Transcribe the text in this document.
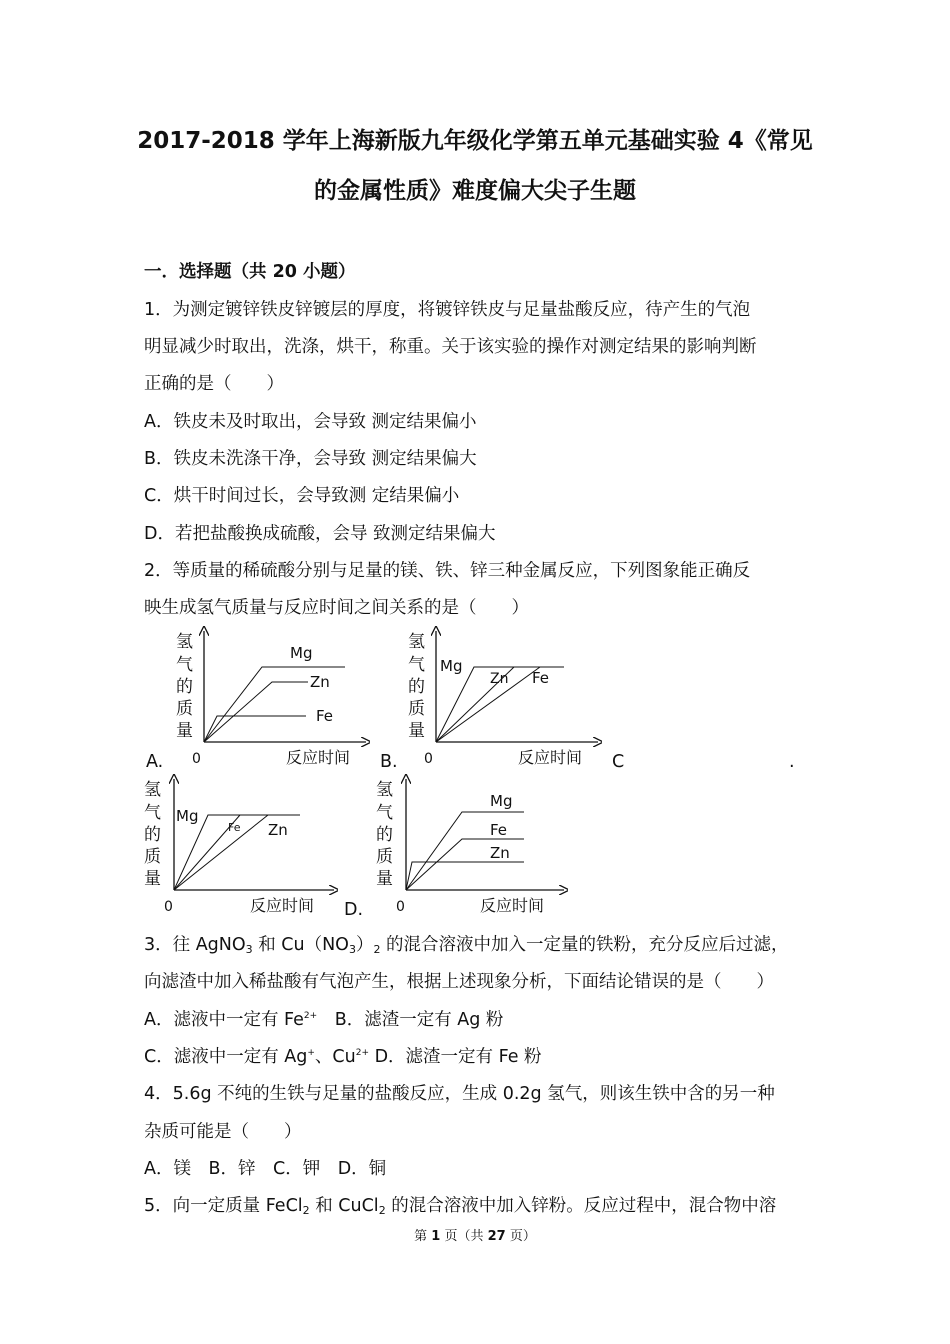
2017-2018 学年上海新版九年级化学第五单元基础实验 4《常见
的金属性质》难度偏大尖子生题
一．选择题（共 20 小题）
1．为测定镀锌铁皮锌镀层的厚度，将镀锌铁皮与足量盐酸反应，待产生的气泡
明显减少时取出，洗涤，烘干，称重。关于该实验的操作对测定结果的影响判断
正确的是（　　）
A．铁皮未及时取出，会导致 测定结果偏小
B．铁皮未洗涤干净，会导致 测定结果偏大
C．烘干时间过长，会导致测 定结果偏小
D．若把盐酸换成硫酸，会导 致测定结果偏大
2．等质量的稀硫酸分别与足量的镁、铁、锌三种金属反应，下列图象能正确反
映生成氢气质量与反应时间之间关系的是（　　）
氢
气
的
质
量
0	反应时间
Mg
Zn
Fe
A.
氢
气
的
质
量
0	反应时间
Mg
Zn Fe
B.	C	.
氢
气
的
质
量
0	反应时间
Mg
Fe Zn
氢
气
的
质
量
0	反应时间
Mg
Fe
Zn
D.
3．往 AgNO$_3$ 和 $Cu(NO_3)_2$ 的混合溶液中加入一定量的铁粉，充分反应后过滤，
向滤渣中加入稀盐酸有气泡产生，根据上述现象分析，下面结论错误的是（　　）
A．滤液中一定有 $Fe^{2+}$　B．滤渣一定有 Ag 粉
C．滤液中一定有 Ag+、$Cu^{2+}$ D．滤渣一定有 Fe 粉
4．5.6g 不纯的生铁与足量的盐酸反应，生成 0.2g 氢气，则该生铁中含的另一种
杂质可能是（　　）
A．镁　B．锌　C．钾　D．铜
5．向一定质量 FeCl$_2$ 和 CuCl$_2$ 的混合溶液中加入锌粉。反应过程中，混合物中溶
第 1 页（共 27 页）
